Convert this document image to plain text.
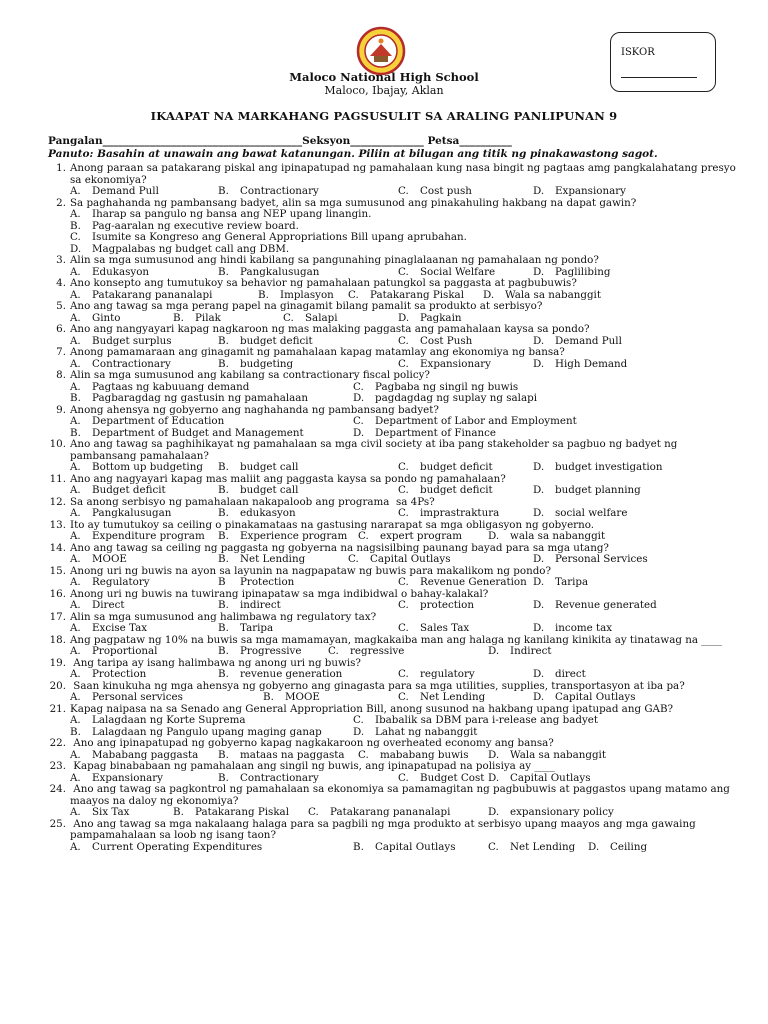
Maloco National High School
Maloco, Ibajay, Aklan
ISKOR
IKAAPAT NA MARKAHANG PAGSUSULIT SA ARALING PANLIPUNAN 9
Pangalan______________________________________Seksyon______________ Petsa__________
Panuto: Basahin at unawain ang bawat katanungan. Piliin at bilugan ang titik ng pinakawastong sagot.
1. Anong paraan sa patakarang piskal ang ipinapatupad ng pamahalaan kung nasa bingit ng pagtaas amg pangkalahatang presyo sa ekonomiya?
A. Demand Pull	B. Contractionary	C. Cost push	D. Expansionary
2. Sa paghahanda ng pambansang badyet, alin sa mga sumusunod ang pinakahuling hakbang na dapat gawin?
A. Iharap sa pangulo ng bansa ang NEP upang linangin.
B. Pag-aaralan ng executive review board.
C. Isumite sa Kongreso ang General Appropriations Bill upang aprubahan.
D. Magpalabas ng budget call ang DBM.
3. Alin sa mga sumusunod ang hindi kabilang sa pangunahing pinaglalaanan ng pamahalaan ng pondo?
A. Edukasyon	B. Pangkalusugan	C. Social Welfare	D. Paglilibing
4. Ano konsepto ang tumutukoy sa behavior ng pamahalaan patungkol sa paggasta at pagbubuwis?
A. Patakarang pananalapi	B. Implasyon C. Patakarang Piskal D. Wala sa nabanggit
5. Ano ang tawag sa mga perang papel na ginagamit bilang pamalit sa produkto at serbisyo?
A. Ginto	B. Pilak	C. Salapi	D. Pagkain
6. Ano ang nangyayari kapag nagkaroon ng mas malaking paggasta ang pamahalaan kaysa sa pondo?
A. Budget surplus	B. budget deficit	C. Cost Push	D. Demand Pull
7. Anong pamamaraan ang ginagamit ng pamahalaan kapag matamlay ang ekonomiya ng bansa?
A. Contractionary	B. budgeting	C. Expansionary	D. High Demand
8. Alin sa mga sumusunod ang kabilang sa contractionary fiscal policy?
A. Pagtaas ng kabuuang demand	C. Pagbaba ng singil ng buwis
B. Pagbaragdag ng gastusin ng pamahalaan	D. pagdagdag ng suplay ng salapi
9. Anong ahensya ng gobyerno ang naghahanda ng pambansang badyet?
A. Department of Education	C. Department of Labor and Employment
B. Department of Budget and Management	D. Department of Finance
10. Ano ang tawag sa paghihikayat ng pamahalaan sa mga civil society at iba pang stakeholder sa pagbuo ng badyet ng pambansang pamahalaan?
A. Bottom up budgeting B. budget call	C. budget deficit	D. budget investigation
11. Ano ang nagyayari kapag mas maliit ang paggasta kaysa sa pondo ng pamahalaan?
A. Budget deficit	B. budget call	C. budget deficit	D. budget planning
12. Sa anong serbisyo ng pamahalaan nakapaloob ang programa  sa 4Ps?
A. Pangkalusugan	B. edukasyon	C. imprastraktura	D. social welfare
13. Ito ay tumutukoy sa ceiling o pinakamataas na gastusing nararapat sa mga obligasyon ng gobyerno.
A. Expenditure program B. Experience program C. expert program	D. wala sa nabanggit
14. Ano ang tawag sa ceiling ng paggasta ng gobyerna na nagsisilbing paunang bayad para sa mga utang?
A. MOOE	B. Net Lending	C. Capital Outlays	D. Personal Services
15. Anong uri ng buwis na ayon sa layunin na nagpapataw ng buwis para makalikom ng pondo?
A. Regulatory	B Protection	C. Revenue Generation D. Taripa
16. Anong uri ng buwis na tuwirang ipinapataw sa mga indibidwal o bahay-kalakal?
A. Direct	B. indirect	C. protection	D. Revenue generated
17. Alin sa mga sumusunod ang halimbawa ng regulatory tax?
A. Excise Tax	B. Taripa	C. Sales Tax	D. income tax
18. Ang pagpataw ng 10% na buwis sa mga mamamayan, magkakaiba man ang halaga ng kanilang kinikita ay tinatawag na ____
A. Proportional	B. Progressive	C. regressive	D. Indirect
19. Ang taripa ay isang halimbawa ng anong uri ng buwis?
A. Protection	B. revenue generation	C. regulatory	D. direct
20. Saan kinukuha ng mga ahensya ng gobyerno ang ginagasta para sa mga utilities, supplies, transportasyon at iba pa?
A. Personal services	B. MOOE	C. Net Lending	D. Capital Outlays
21. Kapag naipasa na sa Senado ang General Appropriation Bill, anong susunod na hakbang upang ipatupad ang GAB?
A. Lalagdaan ng Korte Suprema	C. Ibabalik sa DBM para i-release ang badyet
B. Lalagdaan ng Pangulo upang maging ganap	D. Lahat ng nabanggit
22. Ano ang ipinapatupad ng gobyerno kapag nagkakaroon ng overheated economy ang bansa?
A. Mababang paggasta B. mataas na paggasta C. mababang buwis D. Wala sa nabanggit
23. Kapag binababaan ng pamahalaan ang singil ng buwis, ang ipinapatupad na polisiya ay ____
A. Expansionary	B. Contractionary	C. Budget Cost D. Capital Outlays
24. Ano ang tawag sa pagkontrol ng pamahalaan sa ekonomiya sa pamamagitan ng pagbubuwis at paggastos upang matamo ang maayos na daloy ng ekonomiya?
A. Six Tax	B. Patakarang Piskal C. Patakarang pananalapi	D. expansionary policy
25. Ano ang tawag sa mga nakalaang halaga para sa pagbili ng mga produkto at serbisyo upang maayos ang mga gawaing pampamahalaan sa loob ng isang taon?
A. Current Operating Expenditures	B. Capital Outlays	C. Net Lending D. Ceiling
